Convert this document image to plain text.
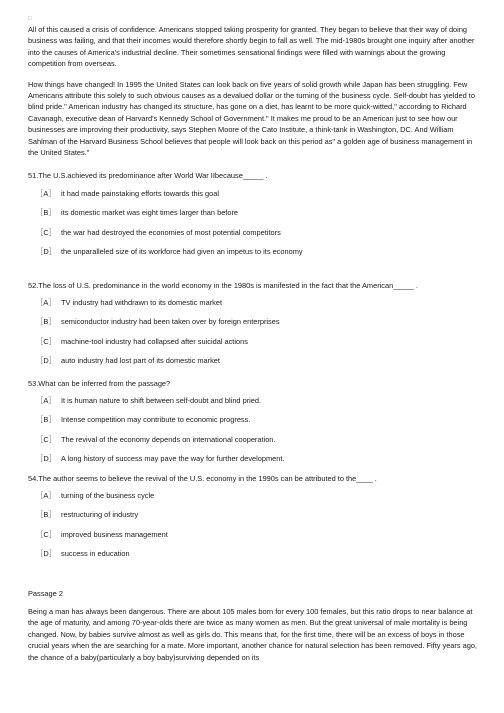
□

All of this caused a crisis of confidence. Americans stopped taking prosperity for granted. They began to believe that their way of doing business was failing, and that their incomes would therefore shortly begin to fall as well. The mid-1980s brought one inquiry after another into the causes of America's industrial decline. Their sometimes sensational findings were filled with warnings about the growing competition from overseas.

How things have changed! In 1995 the United States can look back on five years of solid growth while Japan has been struggling. Few Americans attribute this solely to such obvious causes as a devalued dollar or the turning of the business cycle. Self-doubt has yielded to blind pride." American industry has changed its structure, has gone on a diet, has learnt to be more quick-witted," according to Richard Cavanagh, executive dean of Harvard's Kennedy School of Government." It makes me proud to be an American just to see how our businesses are improving their productivity, says Stephen Moore of the Cato Institute, a think-tank in Washington, DC. And William Sahlman of the Harvard Business School believes that people will look back on this period as" a golden age of business management in the United States."

51.The U.S.achieved its predominance after World War IIbecause_____ .

［A］ it had made painstaking efforts towards this goal
［B］ its domestic market was eight times larger than before
［C］ the war had destroyed the economies of most potential competitors
［D］ the unparalleled size of its workforce had given an impetus to its economy

52.The loss of U.S. predominance in the world economy in the 1980s is manifested in the fact that the American_____ .

［A］ TV industry had withdrawn to its domestic market
［B］ semiconductor industry had been taken over by foreign enterprises
［C］ machine-tool industry had collapsed after suicidal actions
［D］ auto industry had lost part of its domestic market

53.What can be inferred from the passage?

［A］ It is human nature to shift between self-doubt and blind pried.
［B］ Intense competition may contribute to economic progress.
［C］ The revival of the economy depends on international cooperation.
［D］ A long history of success may pave the way for further development.

54.The author seems to believe the revival of the U.S. economy in the 1990s can be attributed to the____ .

［A］ turning of the business cycle
［B］ restructuring of industry
［C］ improved business management
［D］ success in education

Passage 2

Being a man has always been dangerous. There are about 105 males born for every 100 females, but this ratio drops to near balance at the age of maturity, and among 70-year-olds there are twice as many women as men. But the great universal of male mortality is being changed. Now, by babies survive almost as well as girls do. This means that, for the first time, there will be an excess of boys in those crucial years when the are searching for a mate. More important, another chance for natural selection has been removed. Fifty years ago, the chance of a baby(particularly a boy baby)surviving depended on its
